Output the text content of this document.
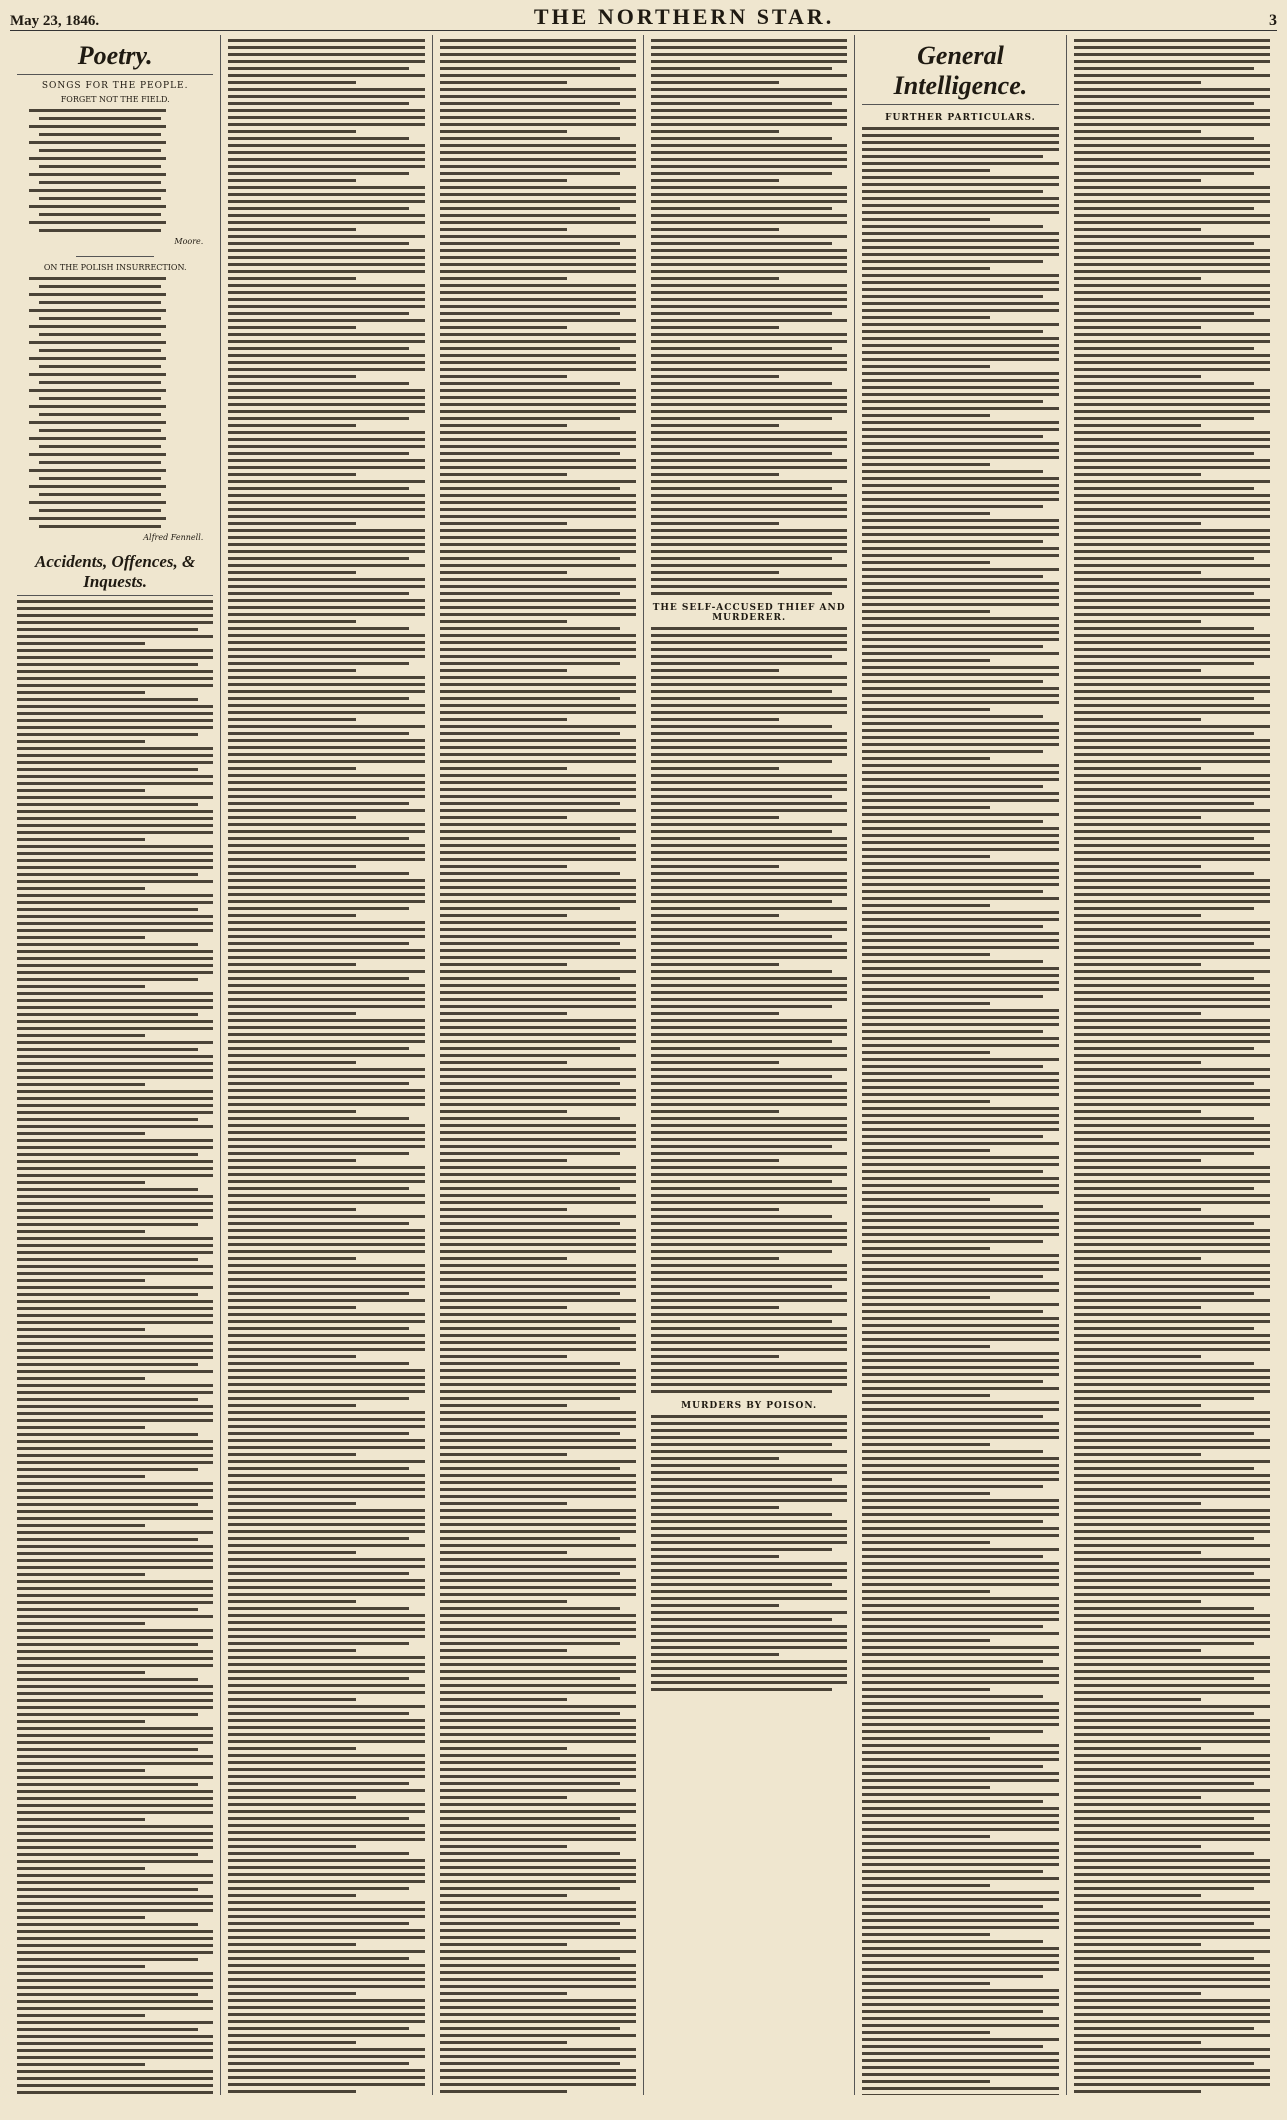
May 23, 1846.	THE NORTHERN STAR.	3
Poetry.
SONGS FOR THE PEOPLE.
FORGET NOT THE FIELD.
Moore.
ON THE POLISH INSURRECTION.
Alfred Fennell.
Accidents, Offences, & Inquests.
THE SELF-ACCUSED THIEF AND MURDERER.
MURDERS BY POISON.
General Intelligence.
FURTHER PARTICULARS.
